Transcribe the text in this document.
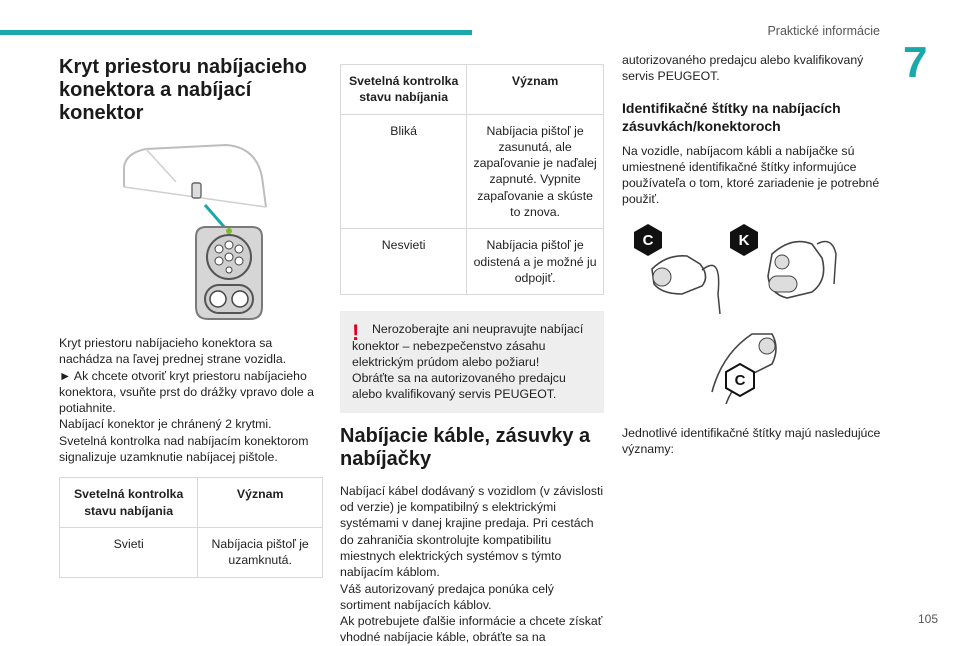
Praktické informácie
7
Kryt priestoru nabíjacieho konektora a nabíjací konektor

Kryt priestoru nabíjacieho konektora sa nachádza na ľavej prednej strane vozidla.

► Ak chcete otvoriť kryt priestoru nabíjacieho konektora, vsuňte prst do drážky vpravo dole a potiahnite.

Nabíjací konektor je chránený 2 krytmi.

Svetelná kontrolka nad nabíjacím konektorom signalizuje uzamknutie nabíjacej pištole.

Svetelná kontrolka stavu nabíjania	Význam
Svieti	Nabíjacia pištoľ je uzamknutá.
Svetelná kontrolka stavu nabíjania	Význam
Bliká	Nabíjacia pištoľ je zasunutá, ale zapaľovanie je naďalej zapnuté. Vypnite zapaľovanie a skúste to znova.
Nesvieti	Nabíjacia pištoľ je odistená a je možné ju odpojiť.
!	Nerozoberajte ani neupravujte nabíjací konektor – nebezpečenstvo zásahu elektrickým prúdom alebo požiaru!

Obráťte sa na autorizovaného predajcu alebo kvalifikovaný servis PEUGEOT.

Nabíjacie káble, zásuvky a nabíjačky

Nabíjací kábel dodávaný s vozidlom (v závislosti od verzie) je kompatibilný s elektrickými systémami v danej krajine predaja. Pri cestách do zahraničia skontrolujte kompatibilitu miestnych elektrických systémov s týmto nabíjacím káblom.

Váš autorizovaný predajca ponúka celý sortiment nabíjacích káblov.

Ak potrebujete ďalšie informácie a chcete získať vhodné nabíjacie káble, obráťte sa na

autorizovaného predajcu alebo kvalifikovaný servis PEUGEOT.

Identifikačné štítky na nabíjacích zásuvkách/konektoroch

Na vozidle, nabíjacom kábli a nabíjačke sú umiestnené identifikačné štítky informujúce používateľa o tom, ktoré zariadenie je potrebné použiť.

C	K
C

Jednotlivé identifikačné štítky majú nasledujúce významy:

105
